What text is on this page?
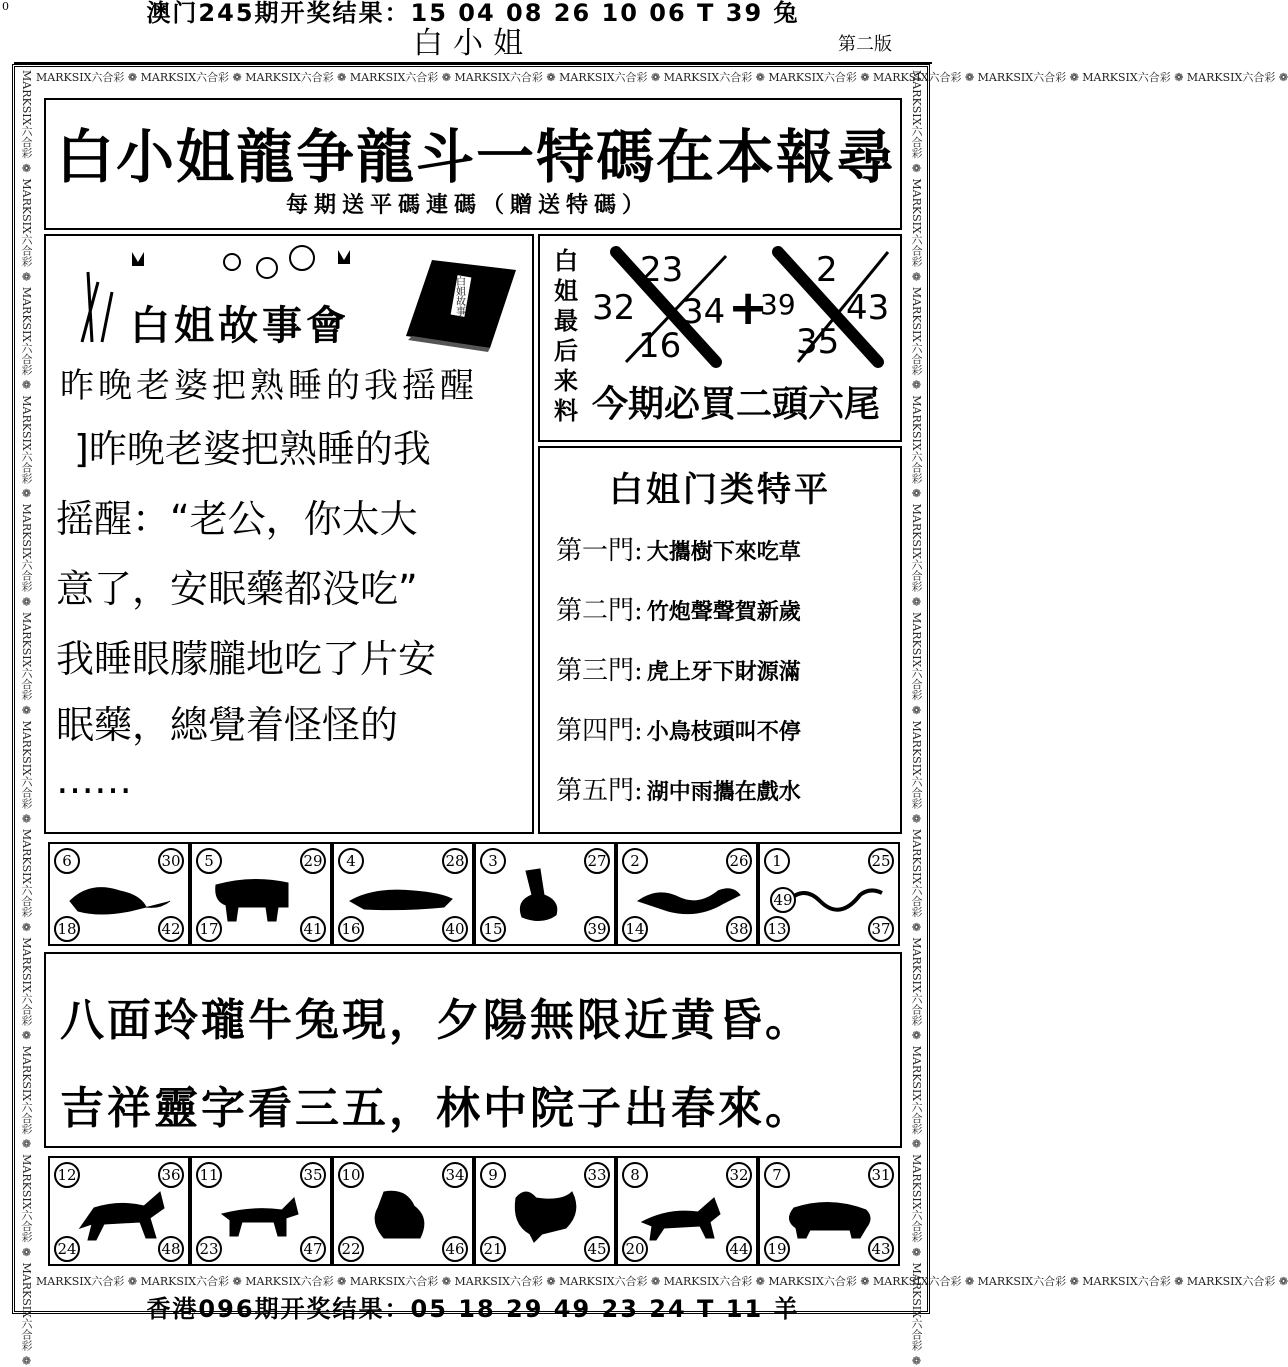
0	澳门245期开奖结果：15 04 08 26 10 06 T 39 兔
白小姐	第二版
MARKSIX六合彩 ❁ MARKSIX六合彩 ❁ MARKSIX六合彩 ❁ MARKSIX六合彩 ❁ MARKSIX六合彩 ❁ MARKSIX六合彩 ❁ MARKSIX六合彩 ❁ MARKSIX六合彩 ❁ MARKSIX六合彩 ❁ MARKSIX六合彩 ❁ MARKSIX六合彩 ❁ MARKSIX六合彩 ❁
MARKSIX六合彩 ❁ MARKSIX六合彩 ❁ MARKSIX六合彩 ❁ MARKSIX六合彩 ❁ MARKSIX六合彩 ❁ MARKSIX六合彩 ❁ MARKSIX六合彩 ❁ MARKSIX六合彩 ❁ MARKSIX六合彩 ❁ MARKSIX六合彩 ❁ MARKSIX六合彩 ❁ MARKSIX六合彩 ❁
MARKSIX六合彩 ❁ MARKSIX六合彩 ❁ MARKSIX六合彩 ❁ MARKSIX六合彩 ❁ MARKSIX六合彩 ❁ MARKSIX六合彩 ❁ MARKSIX六合彩 ❁ MARKSIX六合彩 ❁ MARKSIX六合彩 ❁ MARKSIX六合彩 ❁ MARKSIX六合彩 ❁ MARKSIX六合彩 ❁	MARKSIX六合彩 ❁ MARKSIX六合彩 ❁ MARKSIX六合彩 ❁ MARKSIX六合彩 ❁ MARKSIX六合彩 ❁ MARKSIX六合彩 ❁ MARKSIX六合彩 ❁ MARKSIX六合彩 ❁ MARKSIX六合彩 ❁ MARKSIX六合彩 ❁ MARKSIX六合彩 ❁ MARKSIX六合彩 ❁
白小姐龍争龍斗一特碼在本報尋
每期送平碼連碼（贈送特碼）
白姐故事會
白姐故事
昨晚老婆把熟睡的我摇醒
]昨晚老婆把熟睡的我
摇醒：“老公，你太大
意了，安眠藥都没吃”
我睡眼朦朧地吃了片安
眠藥，總覺着怪怪的
……
白姐最后来料
23
32 34
16
+
2
39 43
35
今期必買二頭六尾
白姐门类特平
第一門: 大攜樹下來吃草
第二門: 竹炮聲聲賀新歲
第三門: 虎上牙下財源滿
第四門: 小鳥枝頭叫不停
第五門: 湖中雨攜在戲水
6	30
18	42
5	29
17	41
4	28
16	40
3	27
15	39
2	26
14	38
1	25
13	37
49
八面玲瓏牛兔現，夕陽無限近黄昏。
吉祥靈字看三五，林中院子出春來。
12	36
24	48
11	35
23	47
10	34
22	46
9	33
21	45
8	32
20	44
7	31
19	43
香港096期开奖结果：05 18 29 49 23 24 T 11 羊
